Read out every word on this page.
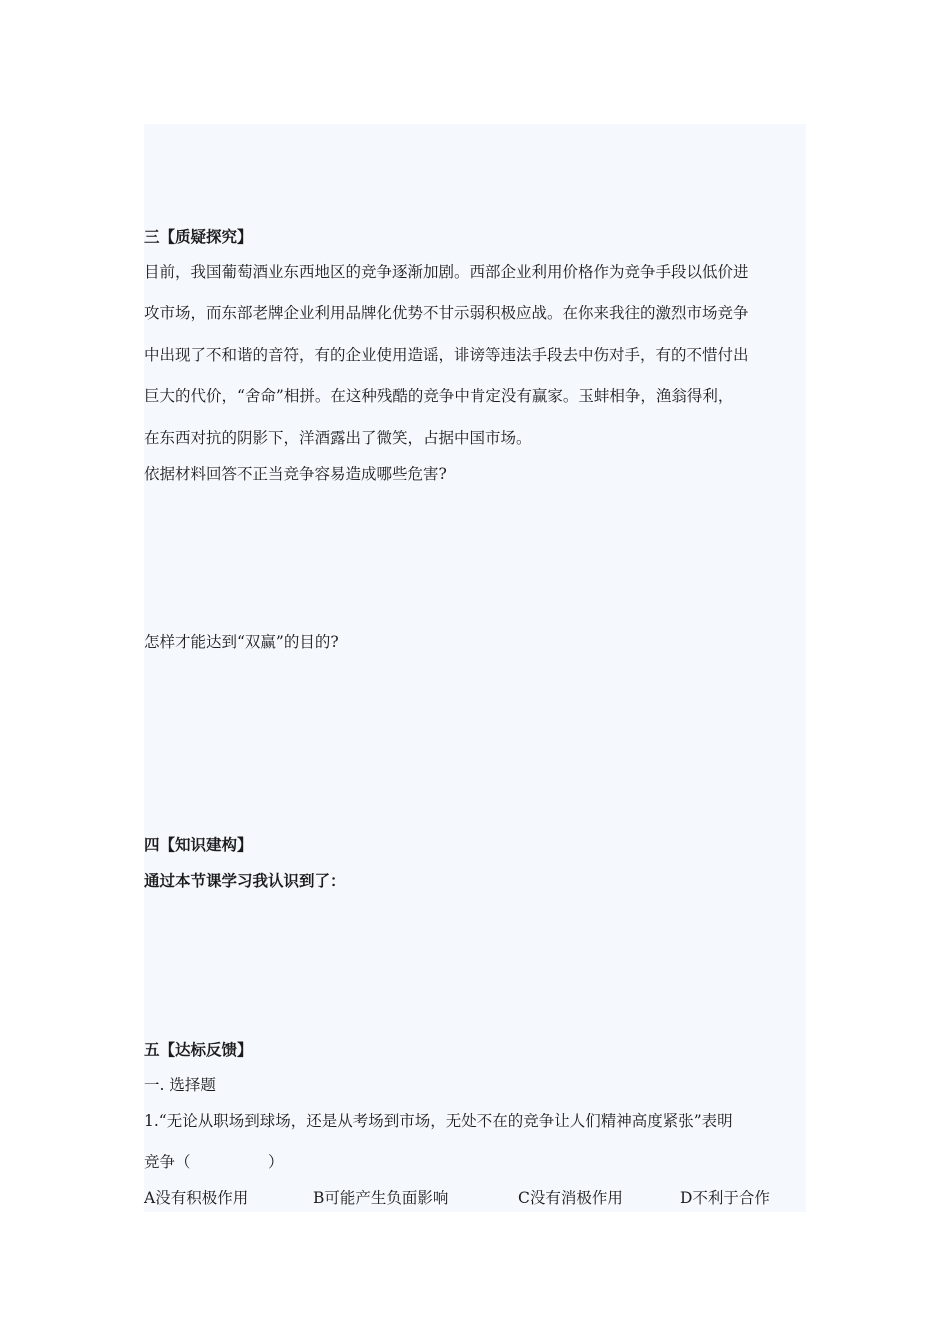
三【质疑探究】

目前，我国葡萄酒业东西地区的竞争逐渐加剧。西部企业利用价格作为竞争手段以低价进

攻市场，而东部老牌企业利用品牌化优势不甘示弱积极应战。在你来我往的激烈市场竞争

中出现了不和谐的音符，有的企业使用造谣，诽谤等违法手段去中伤对手，有的不惜付出

巨大的代价，“舍命”相拼。在这种残酷的竞争中肯定没有赢家。玉蚌相争，渔翁得利，

在东西对抗的阴影下，洋酒露出了微笑，占据中国市场。

依据材料回答不正当竞争容易造成哪些危害?

怎样才能达到“双赢”的目的?

四【知识建构】

通过本节课学习我认识到了：

五【达标反馈】

一. 选择题

1.“无论从职场到球场，还是从考场到市场，无处不在的竞争让人们精神高度紧张”表明

竞争（　　　　　）

A没有积极作用	B可能产生负面影响	C没有消极作用	D不利于合作
